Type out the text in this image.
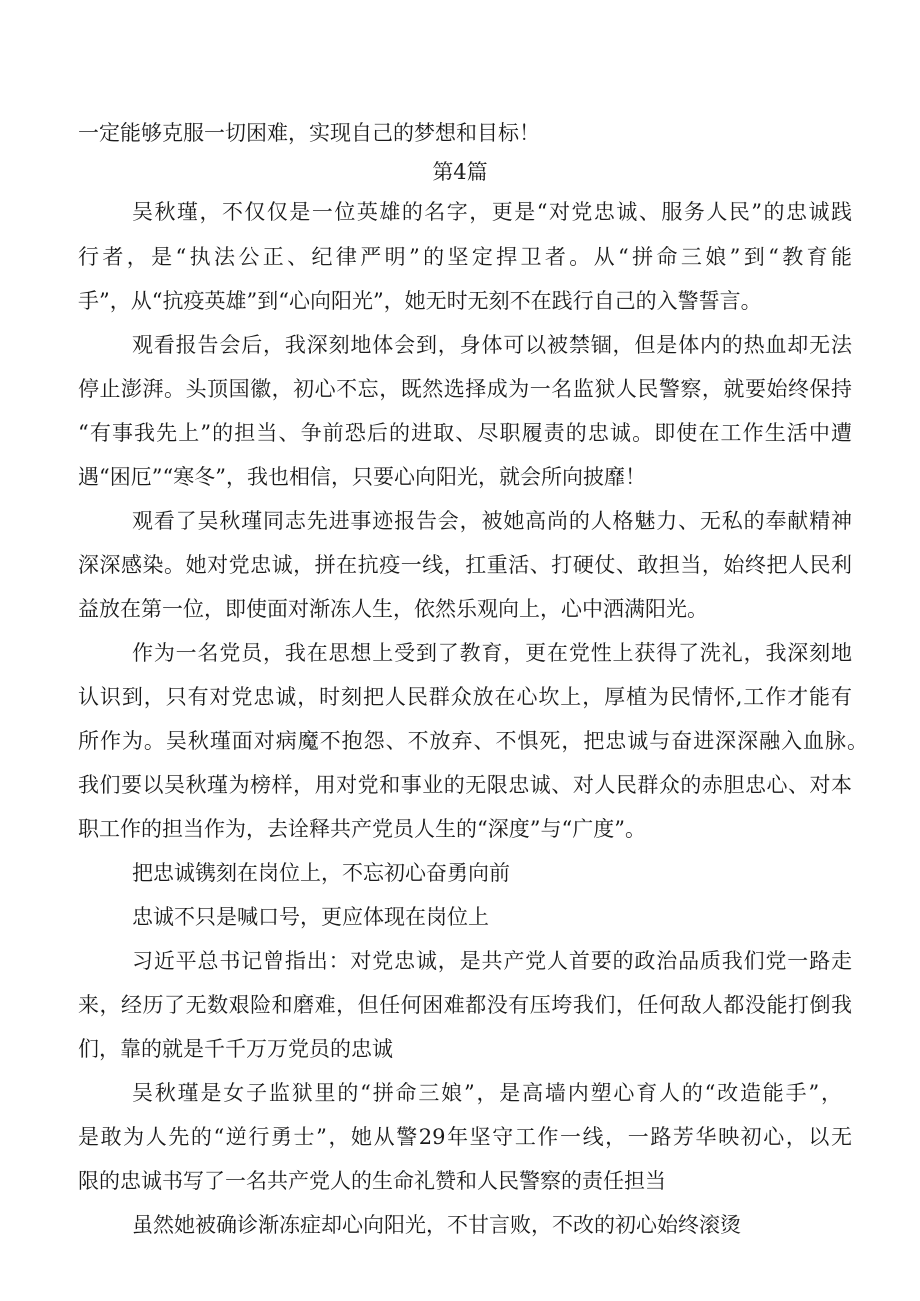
一定能够克服一切困难，实现自己的梦想和目标！
第4篇
吴秋瑾，不仅仅是一位英雄的名字，更是“对党忠诚、服务人民”的忠诚践
行者，是“执法公正、纪律严明”的坚定捍卫者。从“拼命三娘”到“教育能
手”，从“抗疫英雄”到“心向阳光”，她无时无刻不在践行自己的入警誓言。
观看报告会后，我深刻地体会到，身体可以被禁锢，但是体内的热血却无法
停止澎湃。头顶国徽，初心不忘，既然选择成为一名监狱人民警察，就要始终保持
“有事我先上”的担当、争前恐后的进取、尽职履责的忠诚。即使在工作生活中遭
遇“困厄”“寒冬”，我也相信，只要心向阳光，就会所向披靡！
观看了吴秋瑾同志先进事迹报告会，被她高尚的人格魅力、无私的奉献精神
深深感染。她对党忠诚，拼在抗疫一线，扛重活、打硬仗、敢担当，始终把人民利
益放在第一位，即使面对渐冻人生，依然乐观向上，心中洒满阳光。
作为一名党员，我在思想上受到了教育，更在党性上获得了洗礼，我深刻地
认识到，只有对党忠诚，时刻把人民群众放在心坎上，厚植为民情怀,工作才能有
所作为。吴秋瑾面对病魔不抱怨、不放弃、不惧死，把忠诚与奋进深深融入血脉。
我们要以吴秋瑾为榜样，用对党和事业的无限忠诚、对人民群众的赤胆忠心、对本
职工作的担当作为，去诠释共产党员人生的“深度”与“广度”。
把忠诚镌刻在岗位上，不忘初心奋勇向前
忠诚不只是喊口号，更应体现在岗位上
习近平总书记曾指出：对党忠诚，是共产党人首要的政治品质我们党一路走
来，经历了无数艰险和磨难，但任何困难都没有压垮我们，任何敌人都没能打倒我
们，靠的就是千千万万党员的忠诚
吴秋瑾是女子监狱里的“拼命三娘”，是高墙内塑心育人的“改造能手”，
是敢为人先的“逆行勇士”，她从警29年坚守工作一线，一路芳华映初心，以无
限的忠诚书写了一名共产党人的生命礼赞和人民警察的责任担当
虽然她被确诊渐冻症却心向阳光，不甘言败，不改的初心始终滚烫
